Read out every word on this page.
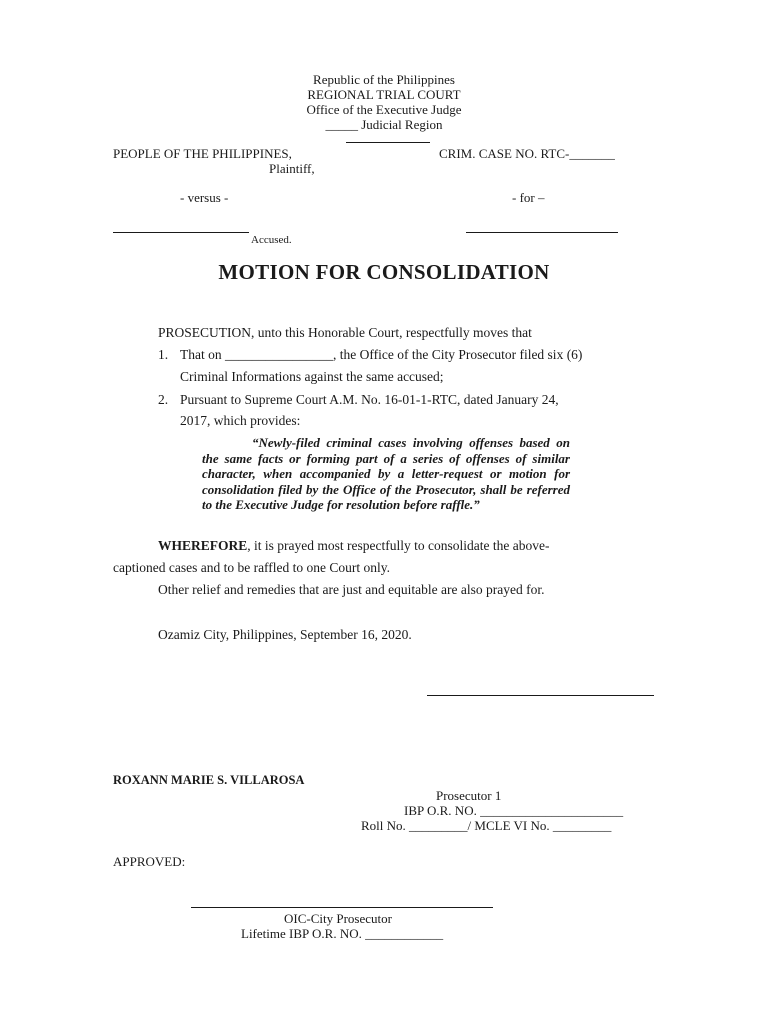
Republic of the Philippines
REGIONAL TRIAL COURT
Office of the Executive Judge
_____ Judicial Region
PEOPLE OF THE PHILIPPINES,
Plaintiff,
CRIM. CASE NO. RTC-_______
- versus -	- for –
Accused.
MOTION FOR CONSOLIDATION
PROSECUTION, unto this Honorable Court, respectfully moves that
1. That on ________________, the Office of the City Prosecutor filed six (6)
Criminal Informations against the same accused;
2. Pursuant to Supreme Court A.M. No. 16-01-1-RTC, dated January 24,
2017, which provides:
“Newly-filed criminal cases involving offenses based on the same facts or forming part of a series of offenses of similar character, when accompanied by a letter-request or motion for consolidation filed by the Office of the Prosecutor, shall be referred to the Executive Judge for resolution before raffle.”
WHEREFORE, it is prayed most respectfully to consolidate the above-
captioned cases and to be raffled to one Court only.
Other relief and remedies that are just and equitable are also prayed for.
Ozamiz City, Philippines, September 16, 2020.
ROXANN MARIE S. VILLAROSA
Prosecutor 1
IBP O.R. NO. ______________________
Roll No. _________/ MCLE VI No. _________
APPROVED:
OIC-City Prosecutor
Lifetime IBP O.R. NO. ____________
